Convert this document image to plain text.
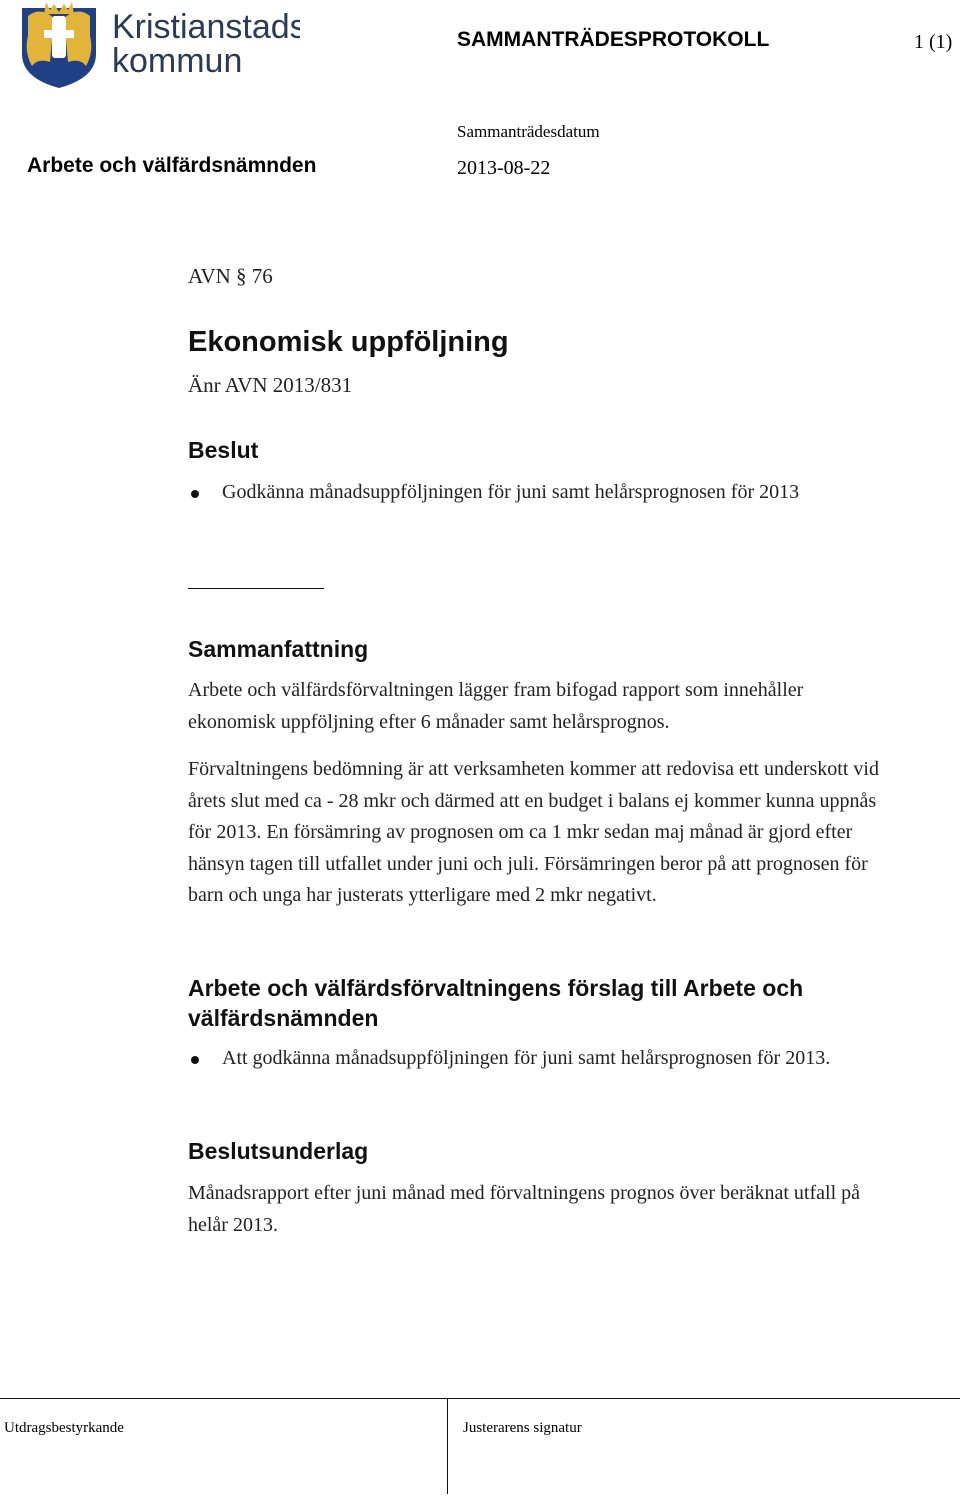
Kristianstads
kommun
SAMMANTRÄDESPROTOKOLL	1 (1)
Sammanträdesdatum
Arbete och välfärdsnämnden	2013-08-22
AVN § 76
Ekonomisk uppföljning
Änr AVN 2013/831
Beslut
Godkänna månadsuppföljningen för juni samt helårsprognosen för 2013
Sammanfattning

Arbete och välfärdsförvaltningen lägger fram bifogad rapport som innehåller ekonomisk uppföljning efter 6 månader samt helårsprognos.

Förvaltningens bedömning är att verksamheten kommer att redovisa ett underskott vid årets slut med ca - 28 mkr och därmed att en budget i balans ej kommer kunna uppnås för 2013. En försämring av prognosen om ca 1 mkr sedan maj månad är gjord efter hänsyn tagen till utfallet under juni och juli. Försämringen beror på att prognosen för barn och unga har justerats ytterligare med 2 mkr negativt.

Arbete och välfärdsförvaltningens förslag till Arbete och välfärdsnämnden
Att godkänna månadsuppföljningen för juni samt helårsprognosen för 2013.
Beslutsunderlag

Månadsrapport efter juni månad med förvaltningens prognos över beräknat utfall på helår 2013.

Utdragsbestyrkande	Justerarens signatur
